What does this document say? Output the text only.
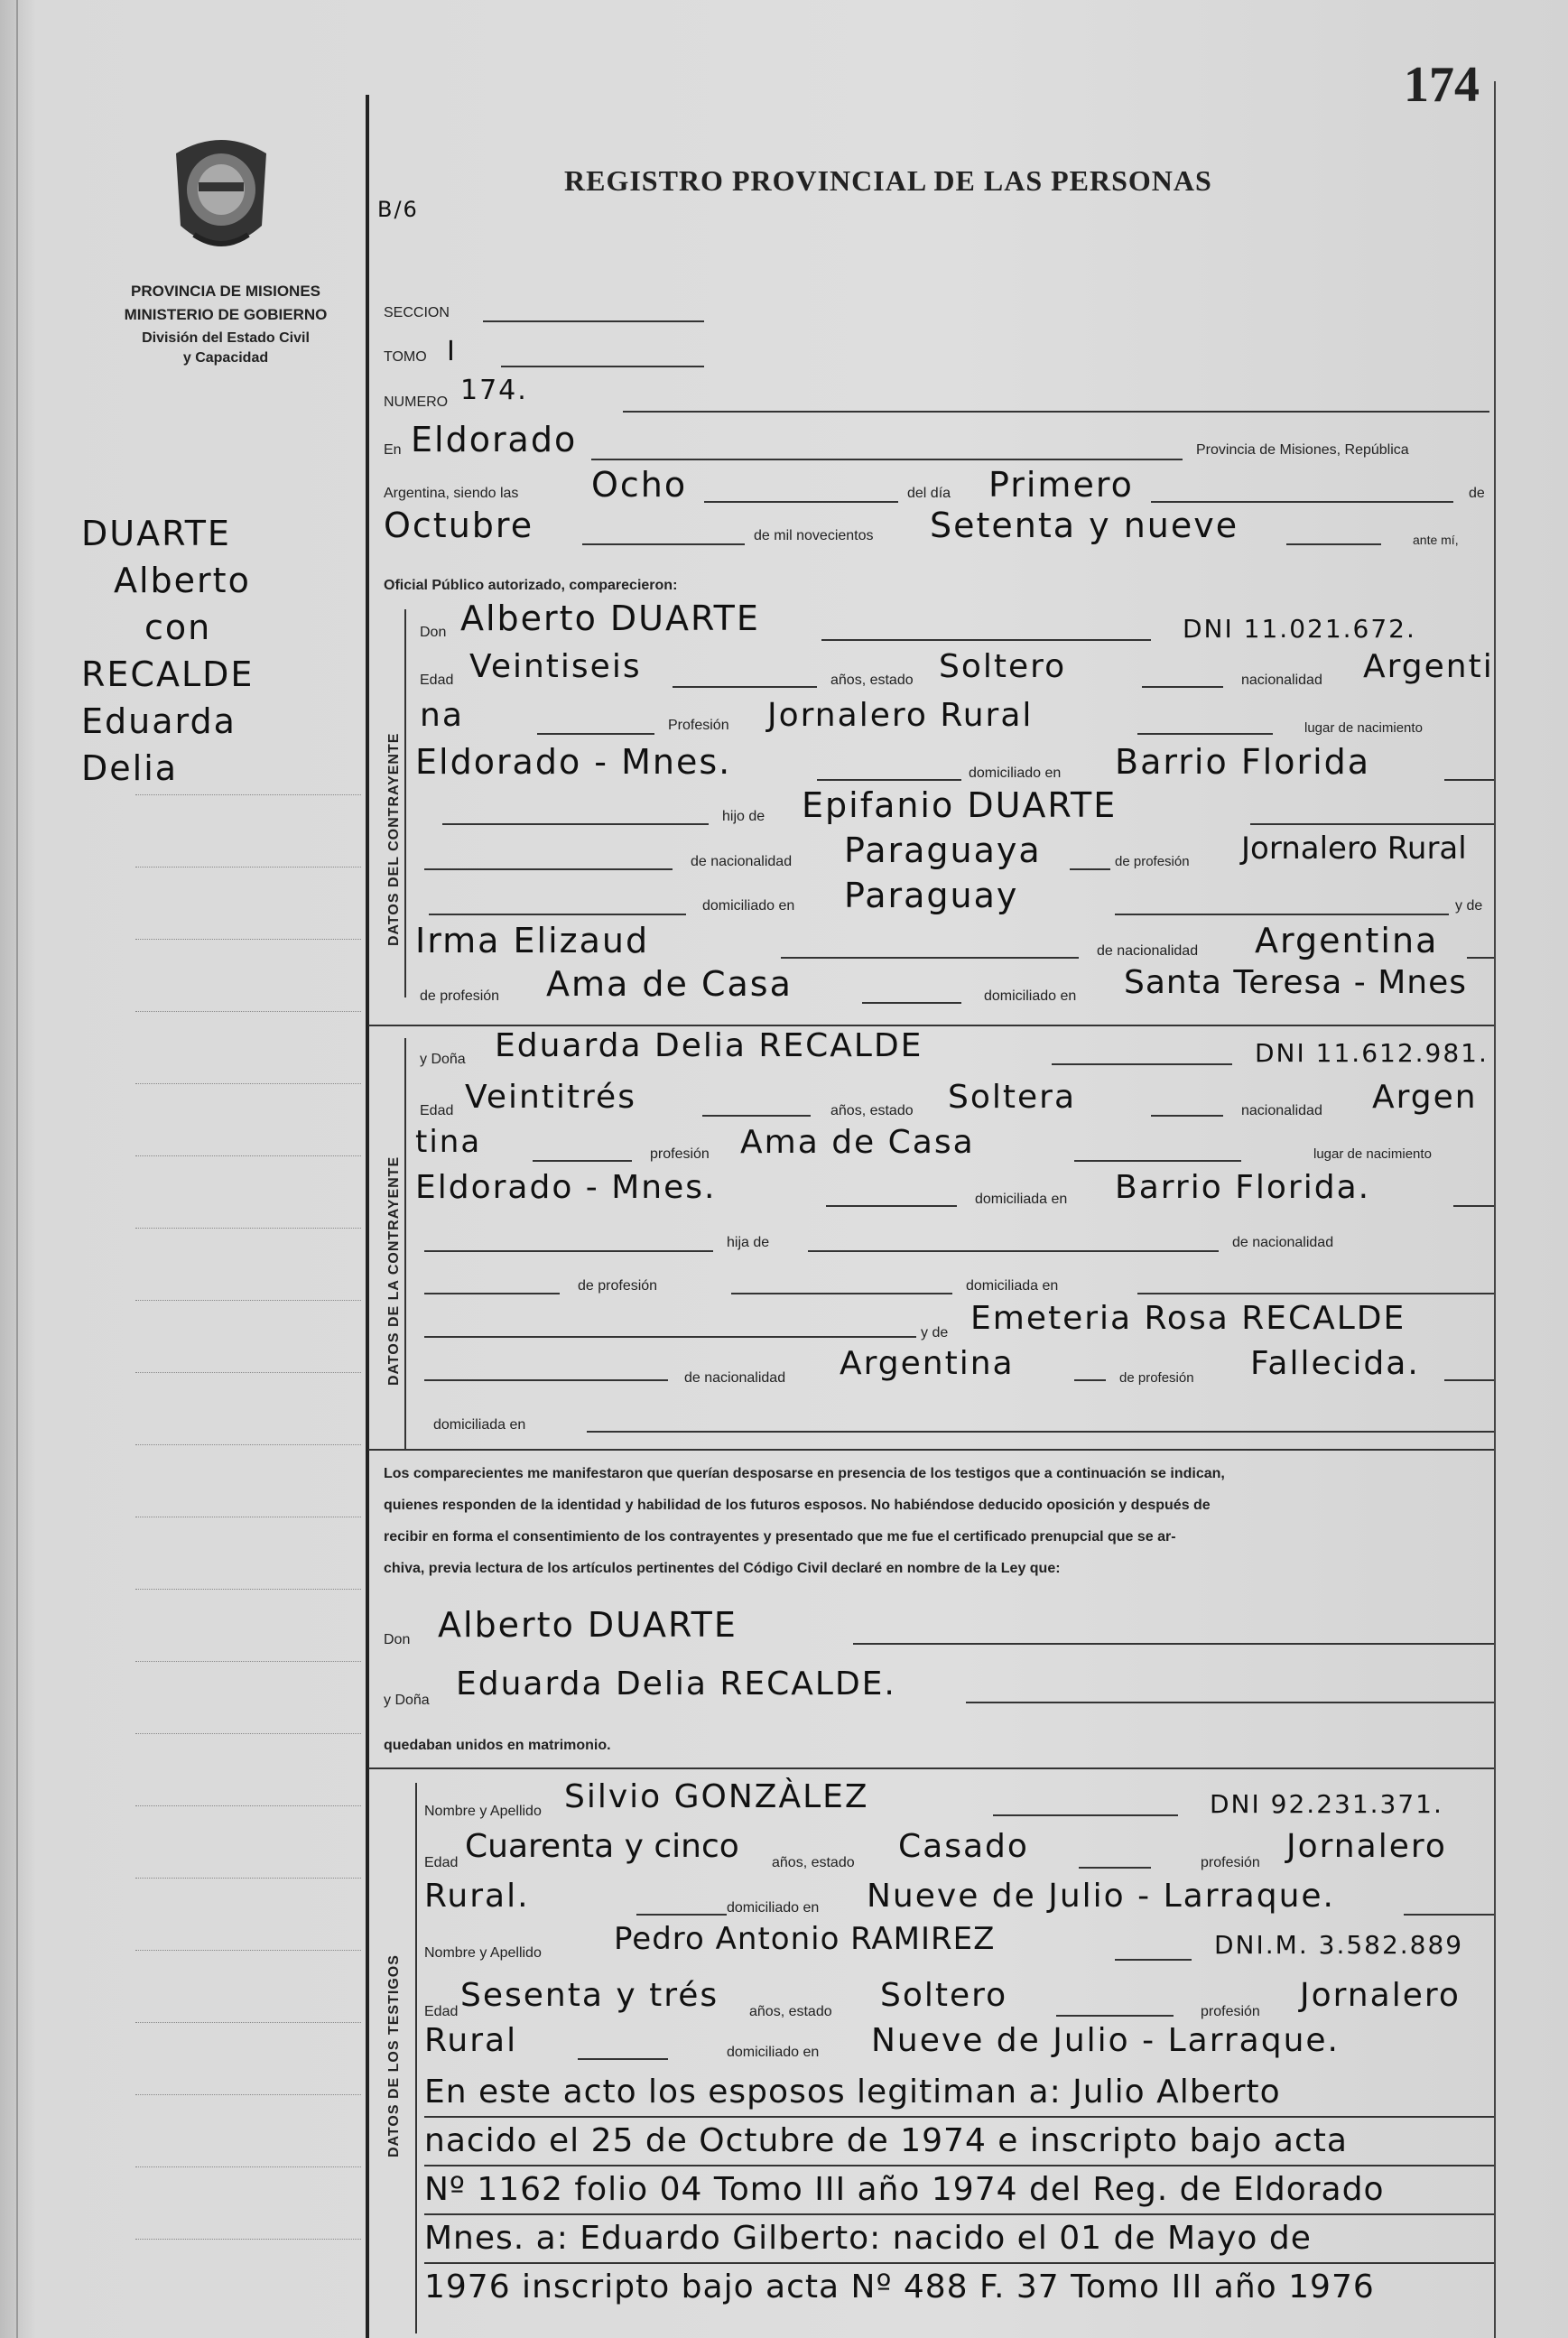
174
PROVINCIA DE MISIONES
MINISTERIO DE GOBIERNO
División del Estado Civil
y Capacidad
DUARTE
Alberto
con
RECALDE
Eduarda
Delia
REGISTRO PROVINCIAL DE LAS PERSONAS
B/6
SECCION
TOMO I
NUMERO 174.
En Eldorado	Provincia de Misiones, República
Argentina, siendo las Ocho	del día Primero	de
Octubre	de mil novecientos Setenta y nueve	ante mí,
Oficial Público autorizado, comparecieron:
DATOS DEL CONTRAYENTE
Don Alberto DUARTE	DNI 11.021.672.
Edad Veintiseis	años, estado Soltero	nacionalidad Argenti
na	Profesión Jornalero Rural	lugar de nacimiento
Eldorado - Mnes.	domiciliado en Barrio Florida
hijo de Epifanio DUARTE
de nacionalidad Paraguaya	de profesión Jornalero Rural
domiciliado en Paraguay	y de
Irma Elizaud	de nacionalidad Argentina
de profesión Ama de Casa	domiciliado en Santa Teresa - Mnes
DATOS DE LA CONTRAYENTE
y Doña Eduarda Delia RECALDE	DNI 11.612.981.
Edad Veintitrés	años, estado Soltera	nacionalidad Argen
tina	profesión Ama de Casa	lugar de nacimiento
Eldorado - Mnes.	domiciliada en Barrio Florida.
hija de	de nacionalidad
de profesión	domiciliada en
y de Emeteria Rosa RECALDE
de nacionalidad Argentina	de profesión Fallecida.
domiciliada en
Los comparecientes me manifestaron que querían desposarse en presencia de los testigos que a continuación se indican,
quienes responden de la identidad y habilidad de los futuros esposos. No habiéndose deducido oposición y después de
recibir en forma el consentimiento de los contrayentes y presentado que me fue el certificado prenupcial que se ar-
chiva, previa lectura de los artículos pertinentes del Código Civil declaré en nombre de la Ley que:
Don Alberto DUARTE
y Doña Eduarda Delia RECALDE.
quedaban unidos en matrimonio.
DATOS DE LOS TESTIGOS
Nombre y Apellido Silvio GONZÀLEZ	DNI 92.231.371.
Edad Cuarenta y cinco años, estado Casado	profesión Jornalero
Rural.	domiciliado en Nueve de Julio - Larraque.
Nombre y Apellido Pedro Antonio RAMIREZ	DNI.M. 3.582.889
Edad Sesenta y trés años, estado Soltero	profesión Jornalero
Rural	domiciliado en Nueve de Julio - Larraque.
En este acto los esposos legitiman a: Julio Alberto
nacido el 25 de Octubre de 1974 e inscripto bajo acta
Nº 1162 folio 04 Tomo III año 1974 del Reg. de Eldorado
Mnes. a: Eduardo Gilberto: nacido el 01 de Mayo de
1976 inscripto bajo acta Nº 488 F. 37 Tomo III año 1976
